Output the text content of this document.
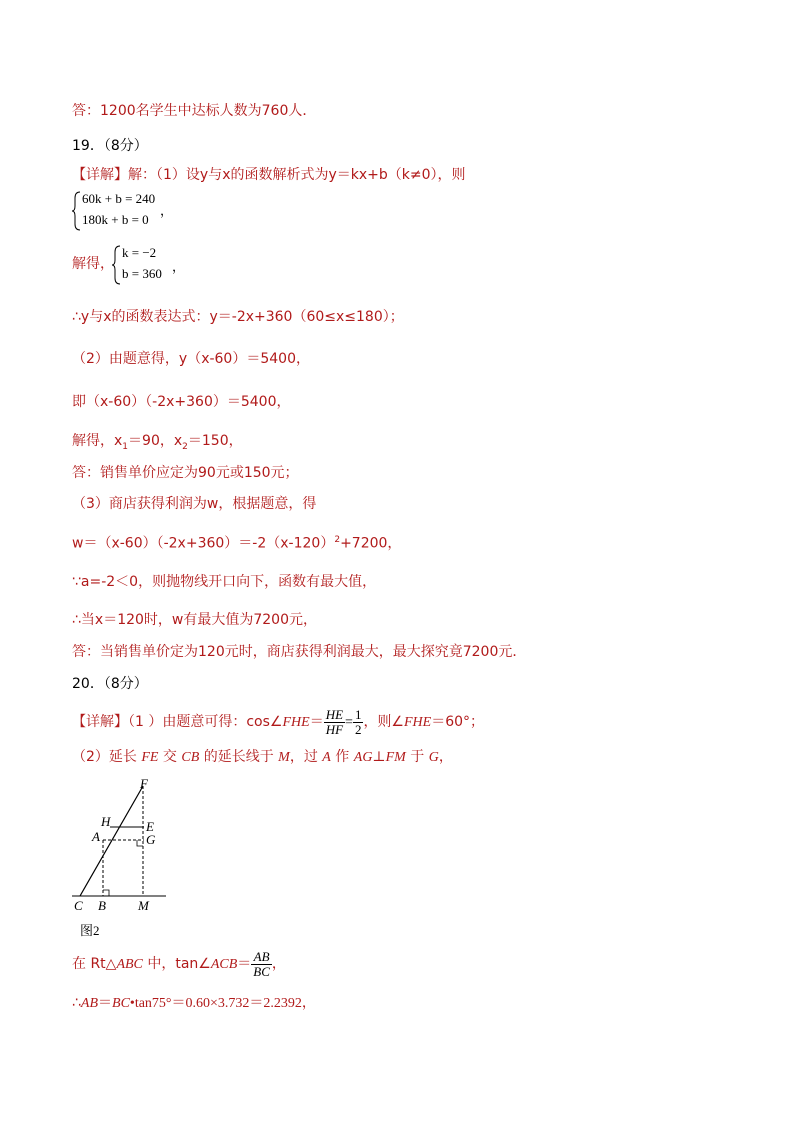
答：1200名学生中达标人数为760人．
19．（8分）
【详解】解：（1）设y与x的函数解析式为y＝kx+b（k≠0），则
60k + b = 240
180k + b = 0
，
解得，
k = −2
b = 360 ，
∴y与x的函数表达式：y＝-2x+360（60≤x≤180）；
（2）由题意得，y（x-60）＝5400，
即（x-60）（-2x+360）＝5400，
解得，$x_1=90$，$x_2=150$，
答：销售单价应定为90元或150元；
（3）商店获得利润为w，根据题意，得
$w=(x-60)(-2x+360)=-2(x-120)^2+7200$，
∵a=-2＜0，则抛物线开口向下，函数有最大值，
∴当x＝120时，w有最大值为7200元，
答：当销售单价定为120元时，商店获得利润最大，最大探究竟7200元．
20．（8分）
【详解】（1 ）由题意可得：cos∠FHE＝ $\frac{HE}{HF} = \frac{1}{2}$ ，则∠FHE＝60°；
（2）延长 FE 交 CB 的延长线于 M，过 A 作 AG⊥FM 于 G，
F
H	E
A	G
C B M
图2
在 Rt△ABC 中，tan∠ACB＝ $\frac{AB}{BC}$ ，
∴AB＝BC•tan75°＝0.60×3.732＝2.2392，
